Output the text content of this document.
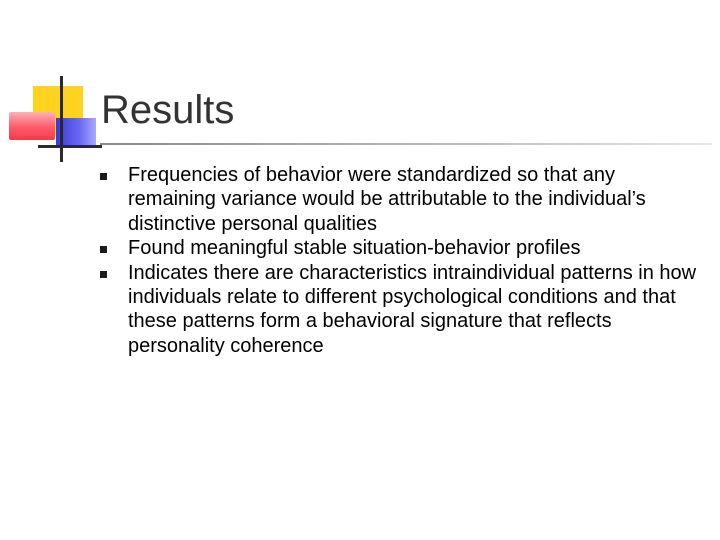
Results
Frequencies of behavior were standardized so that any remaining variance would be attributable to the individual’s distinctive personal qualities
Found meaningful stable situation-behavior profiles
Indicates there are characteristics intraindividual patterns in how individuals relate to different psychological conditions and that these patterns form a behavioral signature that reflects personality coherence
